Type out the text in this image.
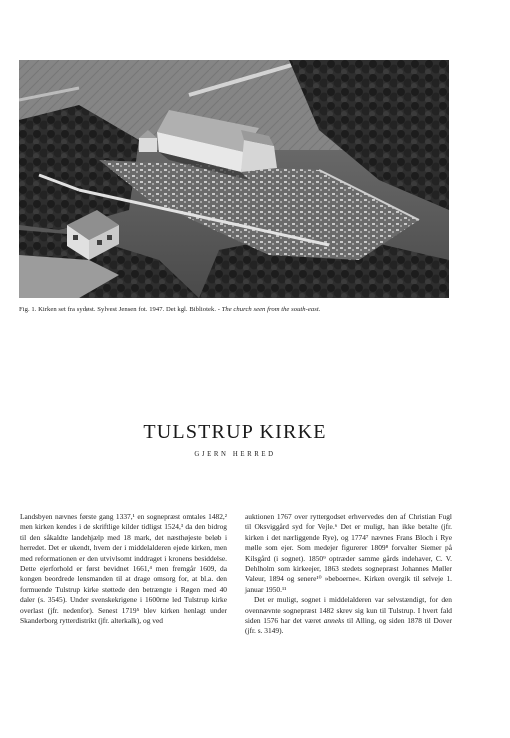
Fig. 1. Kirken set fra sydøst. Sylvest Jensen fot. 1947. Det kgl. Bibliotek. - The church seen from the south-east.
TULSTRUP KIRKE
GJERN HERRED

Landsbyen nævnes første gang 1337,¹ en sognepræst omtales 1482,² men kirken kendes i de skriftlige kilder tidligst 1524,³ da den bidrog til den såkaldte landehjælp med 18 mark, det næsthøjeste beløb i herredet. Det er ukendt, hvem der i middelalderen ejede kirken, men med reformationen er den utvivlsomt inddraget i kronens besiddelse. Dette ejerforhold er først bevidnet 1661,⁴ men fremgår 1609, da kongen beordrede lensmanden til at drage omsorg for, at bl.a. den formuende Tulstrup kirke støttede den betrængte i Røgen med 40 daler (s. 3545). Under svenskekrigene i 1600rne led Tulstrup kirke overlast (jfr. nedenfor). Senest 1719⁵ blev kirken henlagt under Skanderborg rytterdistrikt (jfr. alterkalk), og ved

auktionen 1767 over ryttergodset erhvervedes den af Christian Fugl til Oksviggård syd for Vejle.⁶ Det er muligt, han ikke betalte (jfr. kirken i det nærliggende Rye), og 1774⁷ nævnes Frans Bloch i Rye mølle som ejer. Som medejer figurerer 1809⁸ forvalter Siemer på Kilsgård (i sognet). 1850⁹ optræder samme gårds indehaver, C. V. Dehlholm som kirkeejer, 1863 stedets sognepræst Johannes Møller Valeur, 1894 og senere¹⁰ »beboerne«. Kirken overgik til selveje 1. januar 1950.¹¹

Det er muligt, sognet i middelalderen var selvstændigt, for den ovennævnte sognepræst 1482 skrev sig kun til Tulstrup. I hvert fald siden 1576 har det været anneks til Alling, og siden 1878 til Dover (jfr. s. 3149).
